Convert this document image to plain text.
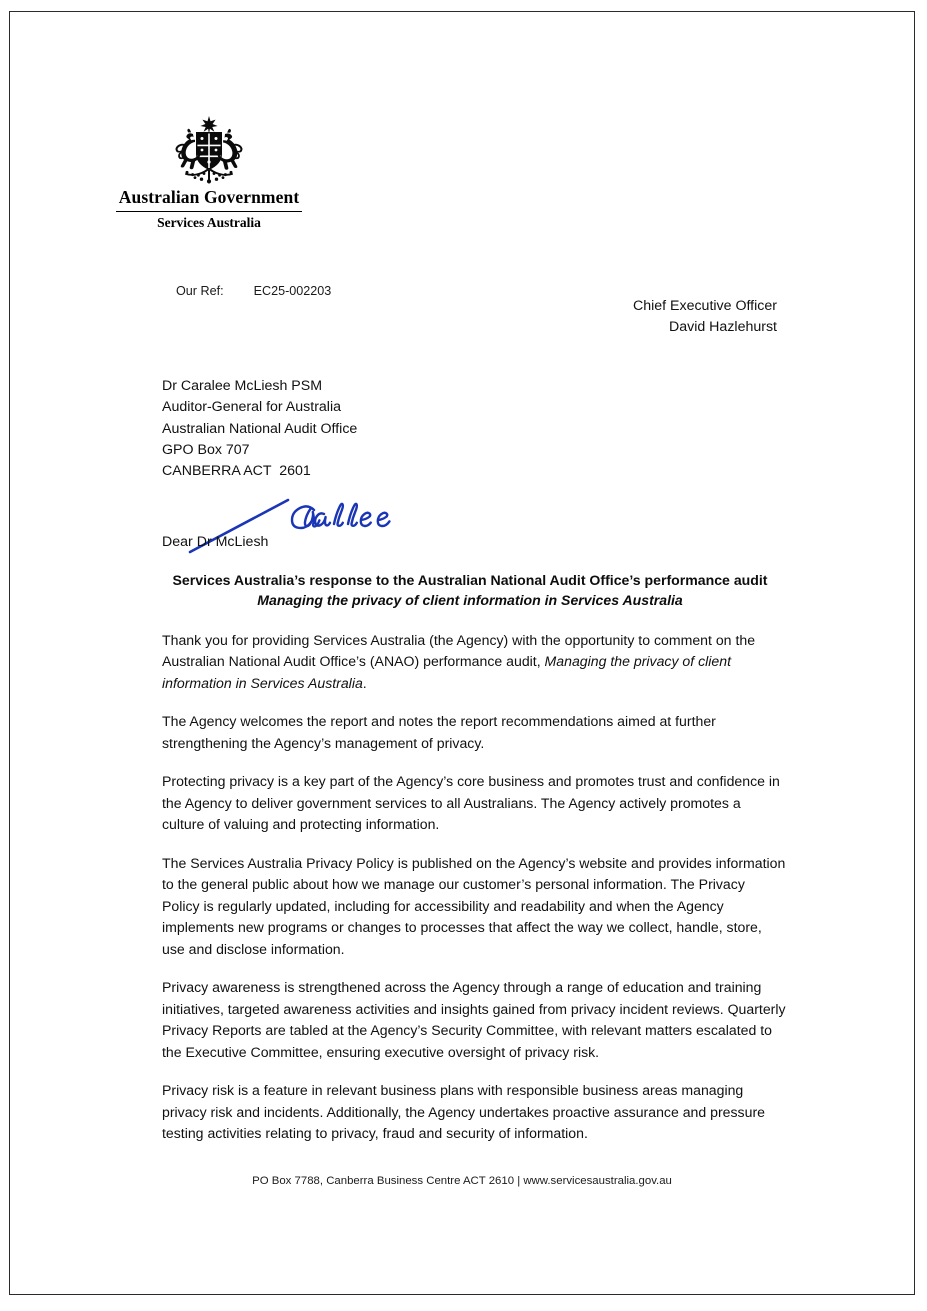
Australian Government
Services Australia
Our Ref: EC25-002203
Chief Executive Officer
David Hazlehurst
Dr Caralee McLiesh PSM
Auditor-General for Australia
Australian National Audit Office
GPO Box 707
CANBERRA ACT  2601
Dear Dr McLiesh
Services Australia’s response to the Australian National Audit Office’s performance audit
Managing the privacy of client information in Services Australia

Thank you for providing Services Australia (the Agency) with the opportunity to comment on the Australian National Audit Office’s (ANAO) performance audit, Managing the privacy of client information in Services Australia.

The Agency welcomes the report and notes the report recommendations aimed at further strengthening the Agency’s management of privacy.

Protecting privacy is a key part of the Agency’s core business and promotes trust and confidence in the Agency to deliver government services to all Australians. The Agency actively promotes a culture of valuing and protecting information.

The Services Australia Privacy Policy is published on the Agency’s website and provides information to the general public about how we manage our customer’s personal information. The Privacy Policy is regularly updated, including for accessibility and readability and when the Agency implements new programs or changes to processes that affect the way we collect, handle, store, use and disclose information.

Privacy awareness is strengthened across the Agency through a range of education and training initiatives, targeted awareness activities and insights gained from privacy incident reviews. Quarterly Privacy Reports are tabled at the Agency’s Security Committee, with relevant matters escalated to the Executive Committee, ensuring executive oversight of privacy risk.

Privacy risk is a feature in relevant business plans with responsible business areas managing privacy risk and incidents. Additionally, the Agency undertakes proactive assurance and pressure testing activities relating to privacy, fraud and security of information.

PO Box 7788, Canberra Business Centre ACT 2610 | www.servicesaustralia.gov.au
